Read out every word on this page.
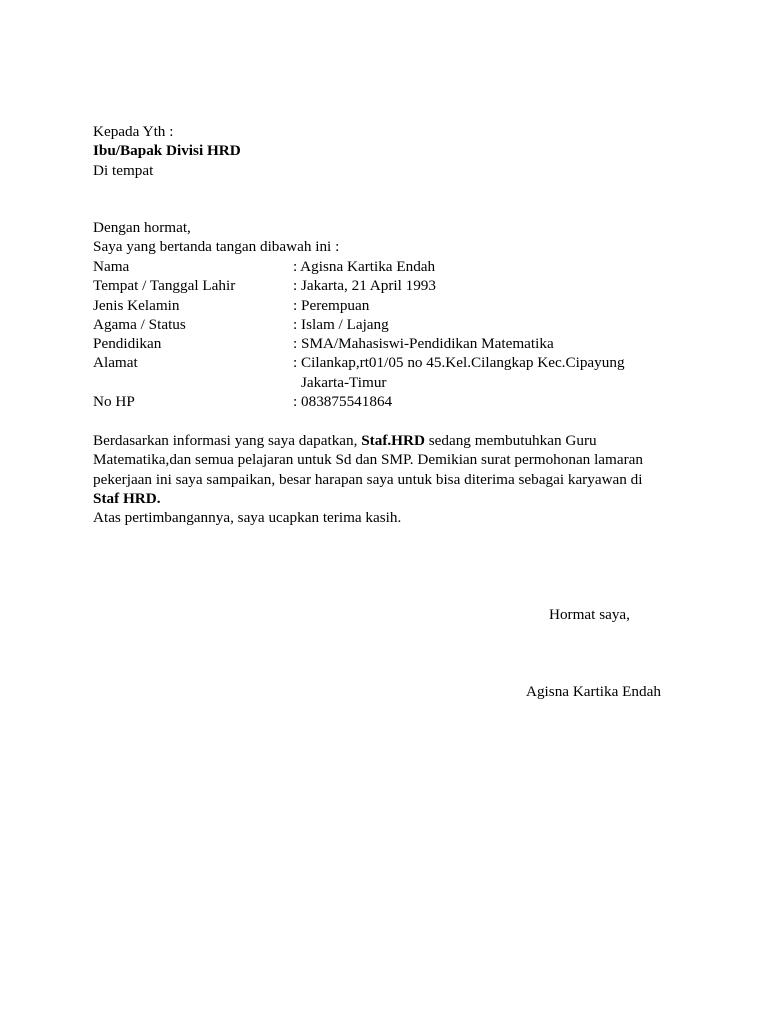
Kepada Yth :
Ibu/Bapak Divisi HRD
Di tempat
Dengan hormat,
Saya yang bertanda tangan dibawah ini :
Nama	: Agisna Kartika Endah
Tempat / Tanggal Lahir	: Jakarta, 21 April 1993
Jenis Kelamin	: Perempuan
Agama / Status	: Islam / Lajang
Pendidikan	: SMA/Mahasiswi-Pendidikan Matematika
Alamat	: Cilankap,rt01/05 no 45.Kel.Cilangkap Kec.Cipayung
Jakarta-Timur
No HP	: 083875541864
Berdasarkan informasi yang saya dapatkan, Staf.HRD sedang membutuhkan Guru
Matematika,dan semua pelajaran untuk Sd dan SMP. Demikian surat permohonan lamaran
pekerjaan ini saya sampaikan, besar harapan saya untuk bisa diterima sebagai karyawan di
Staf HRD.
Atas pertimbangannya, saya ucapkan terima kasih.
Hormat saya,
Agisna Kartika Endah
